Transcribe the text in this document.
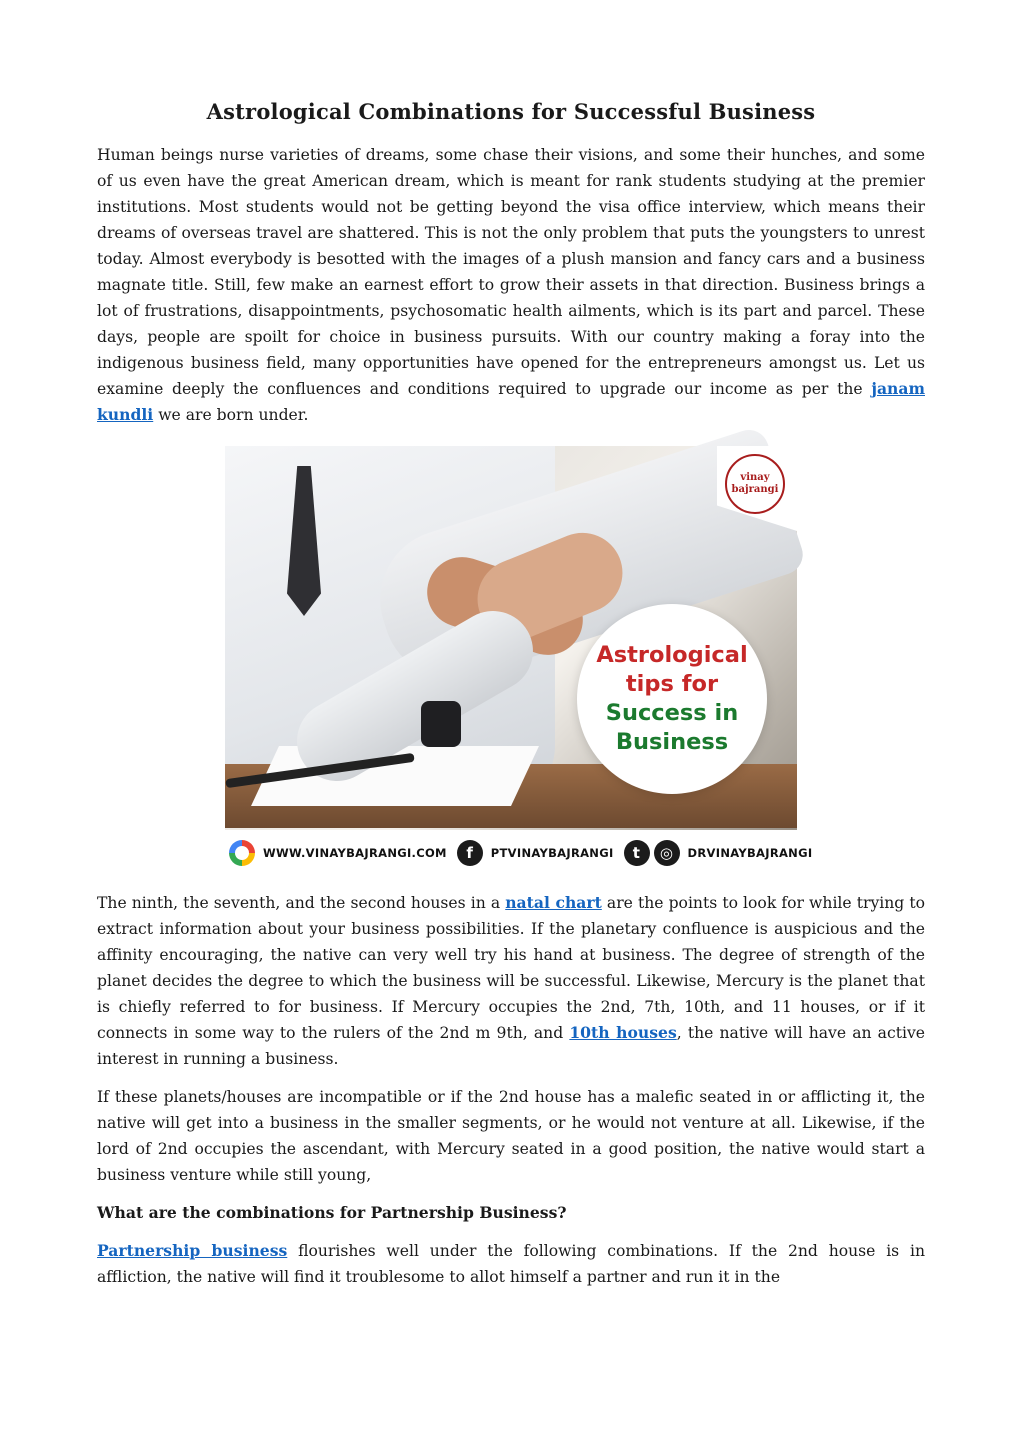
Astrological Combinations for Successful Business

Human beings nurse varieties of dreams, some chase their visions, and some their hunches, and some of us even have the great American dream, which is meant for rank students studying at the premier institutions. Most students would not be getting beyond the visa office interview, which means their dreams of overseas travel are shattered. This is not the only problem that puts the youngsters to unrest today. Almost everybody is besotted with the images of a plush mansion and fancy cars and a business magnate title. Still, few make an earnest effort to grow their assets in that direction. Business brings a lot of frustrations, disappointments, psychosomatic health ailments, which is its part and parcel. These days, people are spoilt for choice in business pursuits. With our country making a foray into the indigenous business field, many opportunities have opened for the entrepreneurs amongst us. Let us examine deeply the confluences and conditions required to upgrade our income as per the janam kundli we are born under.

vinay bajrangi
Astrological
tips for
Success in
Business
WWW.VINAYBAJRANGI.COM	f	PTVINAYBAJRANGI	t	◎	DRVINAYBAJRANGI

The ninth, the seventh, and the second houses in a natal chart are the points to look for while trying to extract information about your business possibilities. If the planetary confluence is auspicious and the affinity encouraging, the native can very well try his hand at business. The degree of strength of the planet decides the degree to which the business will be successful. Likewise, Mercury is the planet that is chiefly referred to for business. If Mercury occupies the 2nd, 7th, 10th, and 11 houses, or if it connects in some way to the rulers of the 2nd m 9th, and 10th houses, the native will have an active interest in running a business.

If these planets/houses are incompatible or if the 2nd house has a malefic seated in or afflicting it, the native will get into a business in the smaller segments, or he would not venture at all. Likewise, if the lord of 2nd occupies the ascendant, with Mercury seated in a good position, the native would start a business venture while still young,

What are the combinations for Partnership Business?

Partnership business flourishes well under the following combinations. If the 2nd house is in affliction, the native will find it troublesome to allot himself a partner and run it in the
